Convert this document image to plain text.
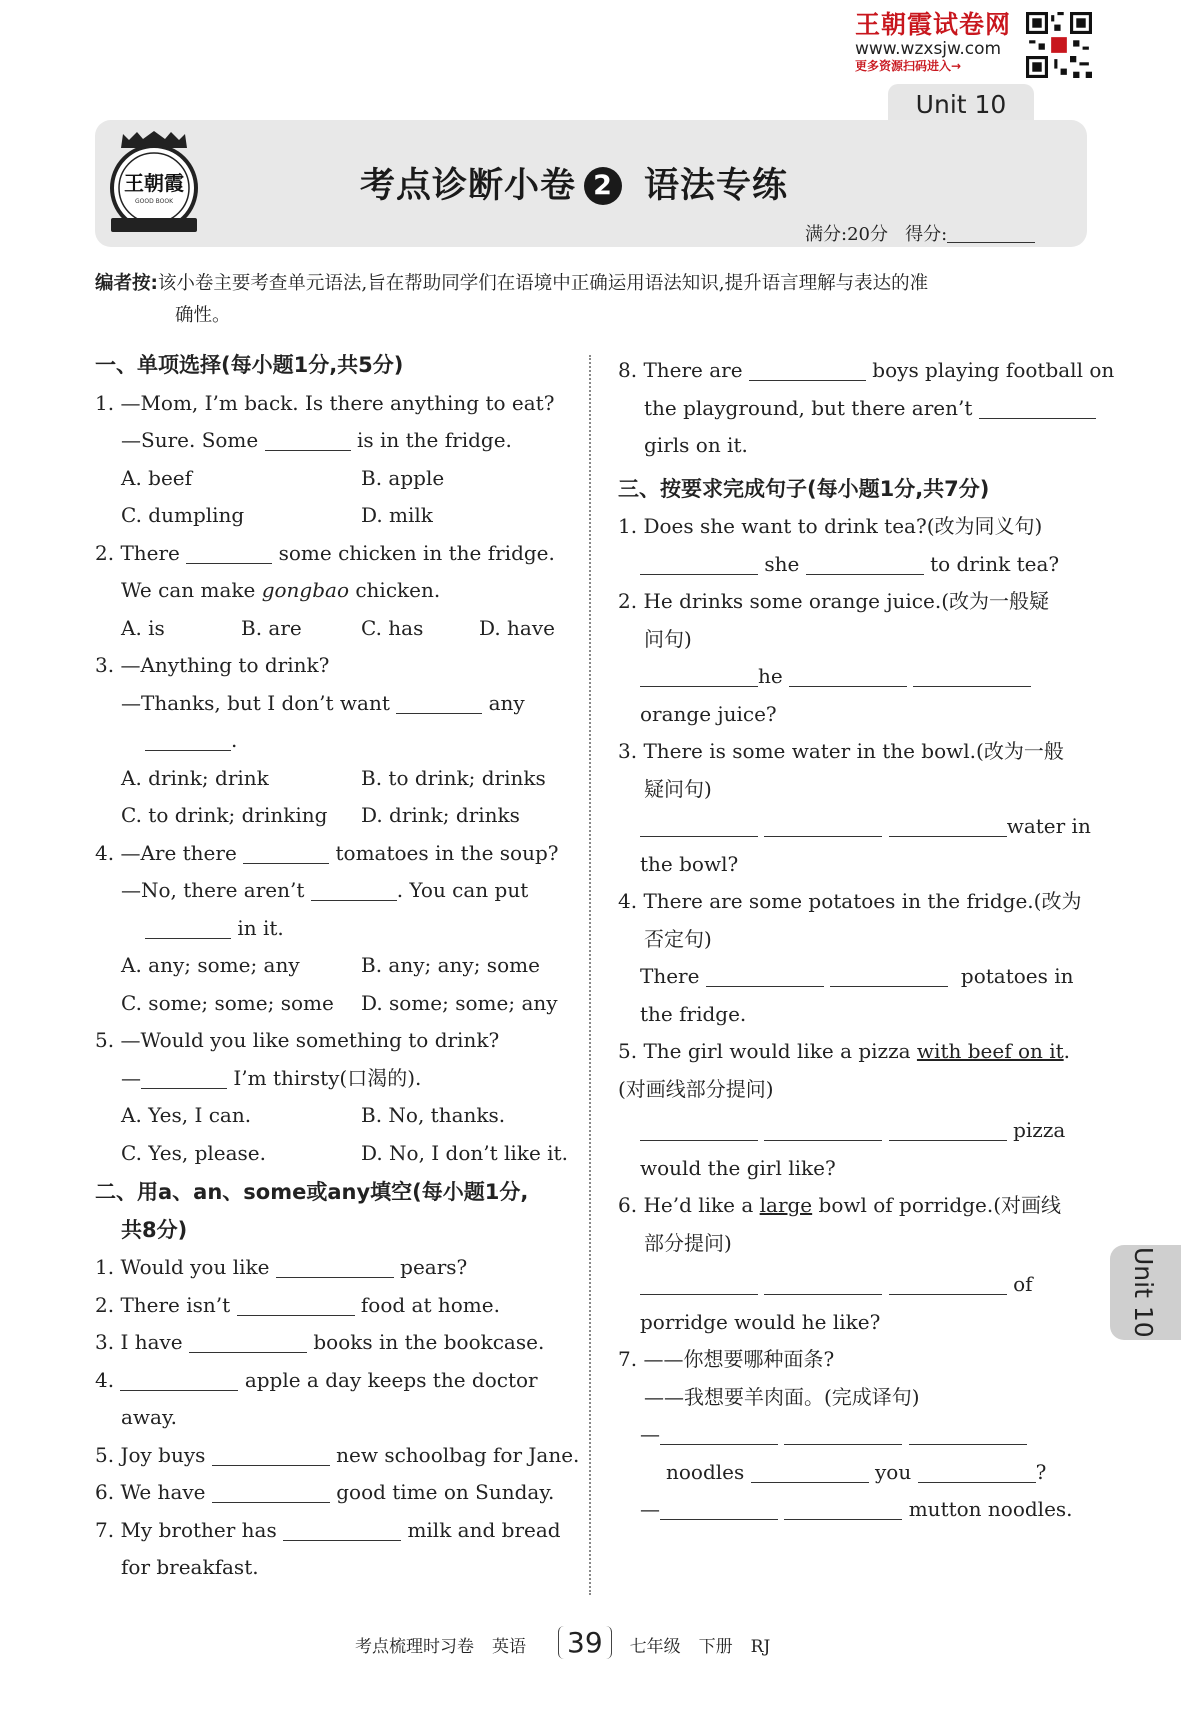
王朝霞试卷网
www.wzxsjw.com
更多资源扫码进入→
Unit 10
王朝霞
GOOD BOOK	考点诊断小卷 2 语法专练
满分:20分 得分:
编者按:该小卷主要考查单元语法,旨在帮助同学们在语境中正确运用语法知识,提升语言理解与表达的准
确性。
一、单项选择(每小题1分,共5分)
1. —Mom, I’m back. Is there anything to eat?
—Sure. Some	is in the fridge.
A. beef	B. apple
C. dumpling	D. milk
2. There	some chicken in the fridge.
We can make gongbao chicken.
A. is	B. are	C. has	D. have
3. —Anything to drink?
—Thanks, but I don’t want	any
.
A. drink; drink	B. to drink; drinks
C. to drink; drinking D. drink; drinks
4. —Are there	tomatoes in the soup?
—No, there aren’t	. You can put
in it.
A. any; some; any	B. any; any; some
C. some; some; some D. some; some; any
5. —Would you like something to drink?
—	I’m thirsty(口渴的).
A. Yes, I can.	B. No, thanks.
C. Yes, please.	D. No, I don’t like it.
二、用a、an、some或any填空(每小题1分,
共8分)
1. Would you like	pears?
2. There isn’t	food at home.
3. I have	books in the bookcase.
4.	apple a day keeps the doctor
away.
5. Joy buys	new schoolbag for Jane.
6. We have	good time on Sunday.
7. My brother has	milk and bread
for breakfast.
8. There are	boys playing football on
the playground, but there aren’t
girls on it.
三、按要求完成句子(每小题1分,共7分)
1. Does she want to drink tea?(改为同义句)
she	to drink tea?
2. He drinks some orange juice.(改为一般疑
问句)
he
orange juice?
3. There is some water in the bowl.(改为一般
疑问句)
water in
the bowl?
4. There are some potatoes in the fridge.(改为
否定句)
There	potatoes in
the fridge.
5. The girl would like a pizza with beef on it.
(对画线部分提问)
pizza
would the girl like?
6. He’d like a large bowl of porridge.(对画线
部分提问)
of
porridge would he like?
7. ——你想要哪种面条?
——我想要羊肉面。(完成译句)
—
noodles	you	?
—	mutton noodles.
Unit 10
考点梳理时习卷 英语 39 七年级 下册 RJ
